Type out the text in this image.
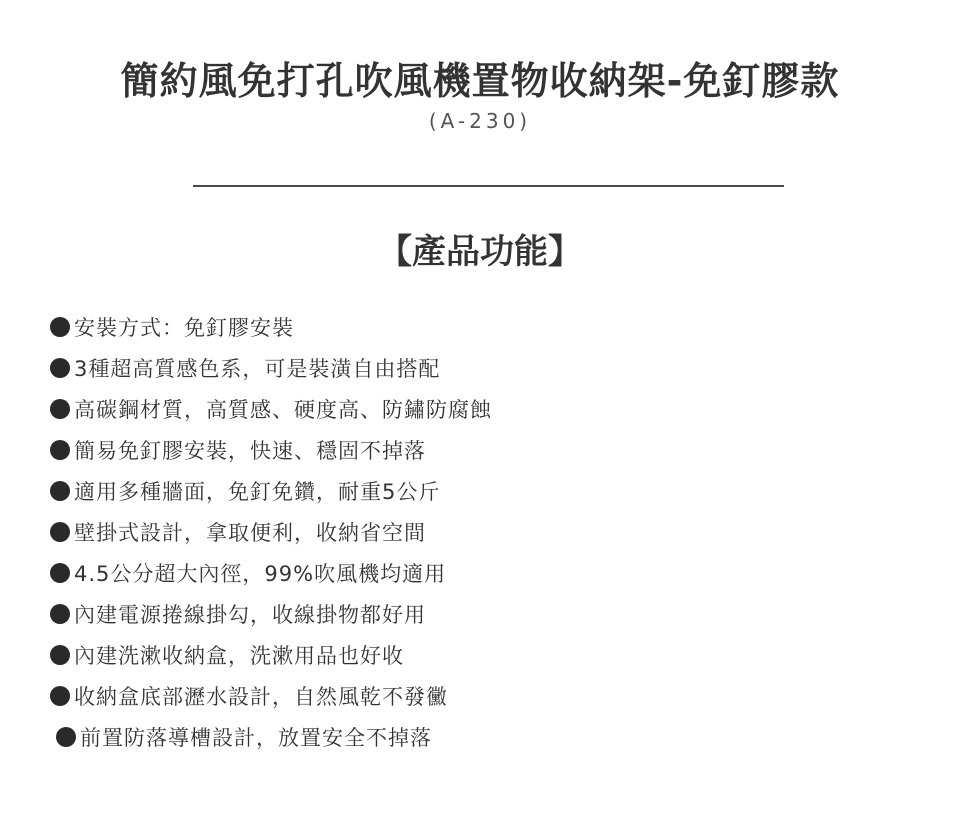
簡約風免打孔吹風機置物收納架-免釘膠款
(A-230)
【產品功能】
安裝方式：免釘膠安裝
3種超高質感色系，可是裝潢自由搭配
高碳鋼材質，高質感、硬度高、防鏽防腐蝕
簡易免釘膠安裝，快速、穩固不掉落
適用多種牆面，免釘免鑽，耐重5公斤
壁掛式設計，拿取便利，收納省空間
4.5公分超大內徑，99%吹風機均適用
內建電源捲線掛勾，收線掛物都好用
內建洗漱收納盒，洗漱用品也好收
收納盒底部瀝水設計，自然風乾不發黴
前置防落導槽設計，放置安全不掉落
